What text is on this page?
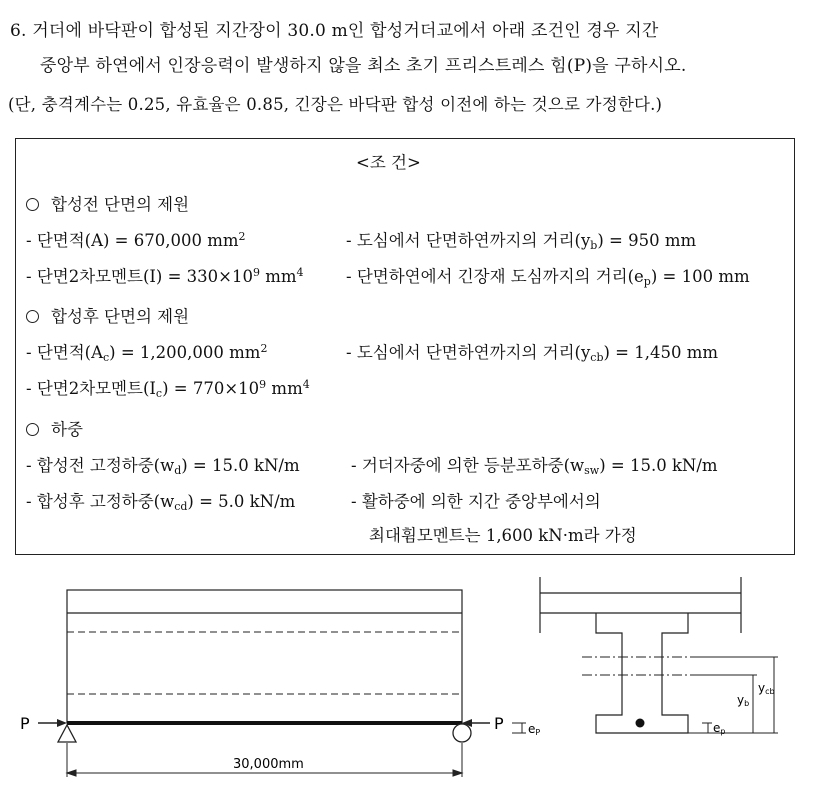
6. 거더에 바닥판이 합성된 지간장이 30.0 m인 합성거더교에서 아래 조건인 경우 지간
중앙부 하연에서 인장응력이 발생하지 않을 최소 초기 프리스트레스 힘(P)을 구하시오.
(단, 충격계수는 0.25, 유효율은 0.85, 긴장은 바닥판 합성 이전에 하는 것으로 가정한다.)
<조 건>
합성전 단면의 제원
- 단면적(A) = 670,000 $mm^2$	- 도심에서 단면하연까지의 거리$(y_b) = 950$ mm
- 단면2차모멘트$(I) = 330\times 10^9$ $mm^4$	- 단면하연에서 긴장재 도심까지의 거리$(e_p) = 100$ mm
합성후 단면의 제원
- 단면적$(A_c) = 1,200,000$ $mm^2$	- 도심에서 단면하연까지의 거리$(y_{cb}) = 1,450$ mm
- 단면2차모멘트$(I_c) = 770\times 10^9$ $mm^4$
하중
- 합성전 고정하중$(w_d) = 15.0$ kN/m	- 거더자중에 의한 등분포하중$(w_{sw}) = 15.0$ kN/m
- 합성후 고정하중$(w_{cd}) = 5.0$ kN/m	- 활하중에 의한 지간 중앙부에서의
최대휨모멘트는 1,600 kN·m라 가정
P	P eP
30,000mm
ycb
yb
ep
